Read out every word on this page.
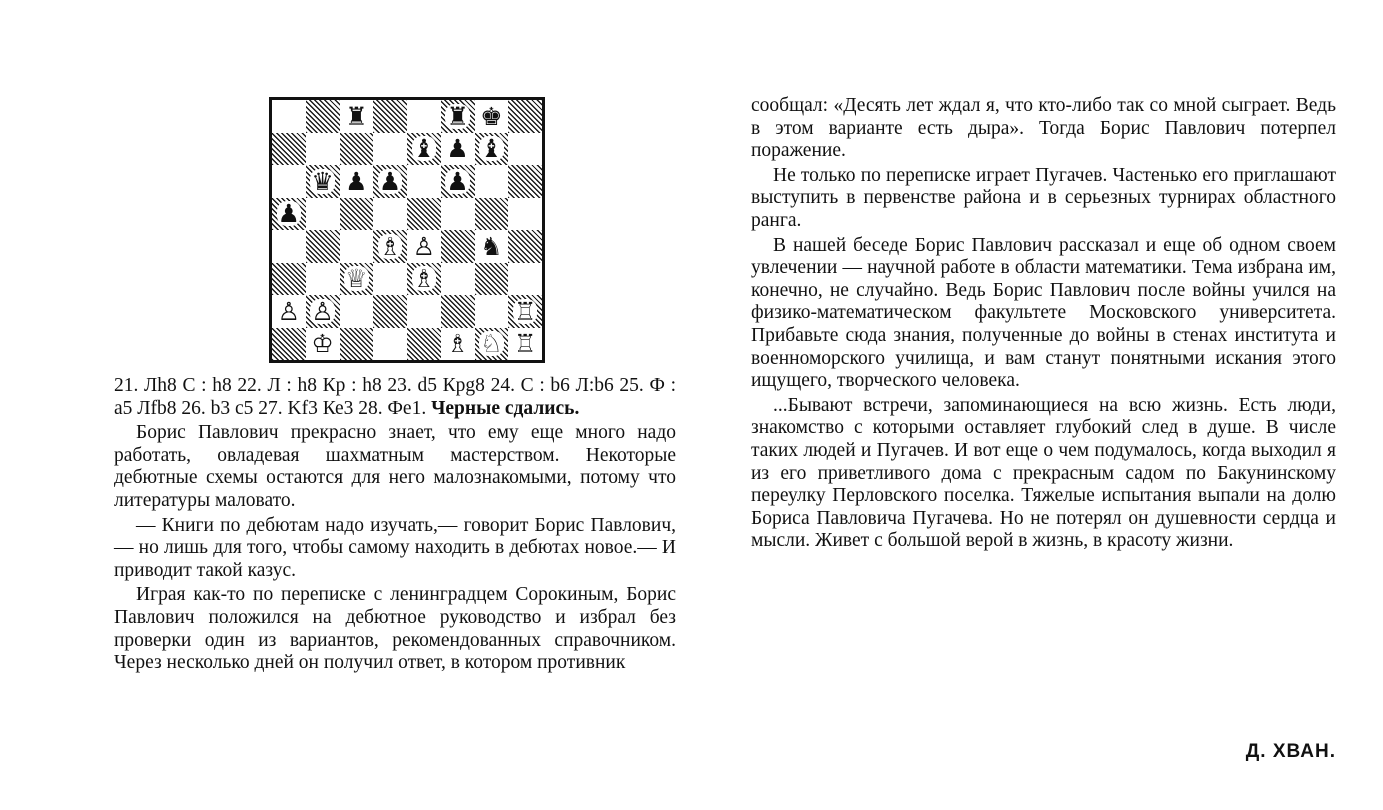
♜	♜ ♚
♝ ♟ ♝
♛ ♟ ♟ ♟
♟
♗ ♙ ♞
♕ ♗
♙ ♙	♖
♔	♗ ♘ ♖

21. Лh8 С : h8 22. Л : h8 Кр : h8 23. d5 Крg8 24. С : b6 Л:b6 25. Ф : а5 Лfb8 26. b3 c5 27. Kf3 Ке3 28. Фe1. Черные сдались.

Борис Павлович прекрасно знает, что ему еще много надо работать, овладевая шахматным мастерством. Некоторые дебютные схемы остаются для него малознакомыми, потому что литературы маловато.

— Книги по дебютам надо изучать,— говорит Борис Павлович,— но лишь для того, чтобы самому находить в дебютах новое.— И приводит такой казус.

Играя как-то по переписке с ленинградцем Сорокиным, Борис Павлович положился на дебютное руководство и избрал без проверки один из вариантов, рекомендованных справочником. Через несколько дней он получил ответ, в котором противник

сообщал: «Десять лет ждал я, что кто-либо так со мной сыграет. Ведь в этом варианте есть дыра». Тогда Борис Павлович потерпел поражение.

Не только по переписке играет Пугачев. Частенько его приглашают выступить в первенстве района и в серьезных турнирах областного ранга.

В нашей беседе Борис Павлович рассказал и еще об одном своем увлечении — научной работе в области математики. Тема избрана им, конечно, не случайно. Ведь Борис Павлович после войны учился на физико-математическом факультете Московского университета. Прибавьте сюда знания, полученные до войны в стенах института и военноморского училища, и вам станут понятными искания этого ищущего, творческого человека.

...Бывают встречи, запоминающиеся на всю жизнь. Есть люди, знакомство с которыми оставляет глубокий след в душе. В числе таких людей и Пугачев. И вот еще о чем подумалось, когда выходил я из его приветливого дома с прекрасным садом по Бакунинскому переулку Перловского поселка. Тяжелые испытания выпали на долю Бориса Павловича Пугачева. Но не потерял он душевности сердца и мысли. Живет с большой верой в жизнь, в красоту жизни.

Д. ХВАН.
